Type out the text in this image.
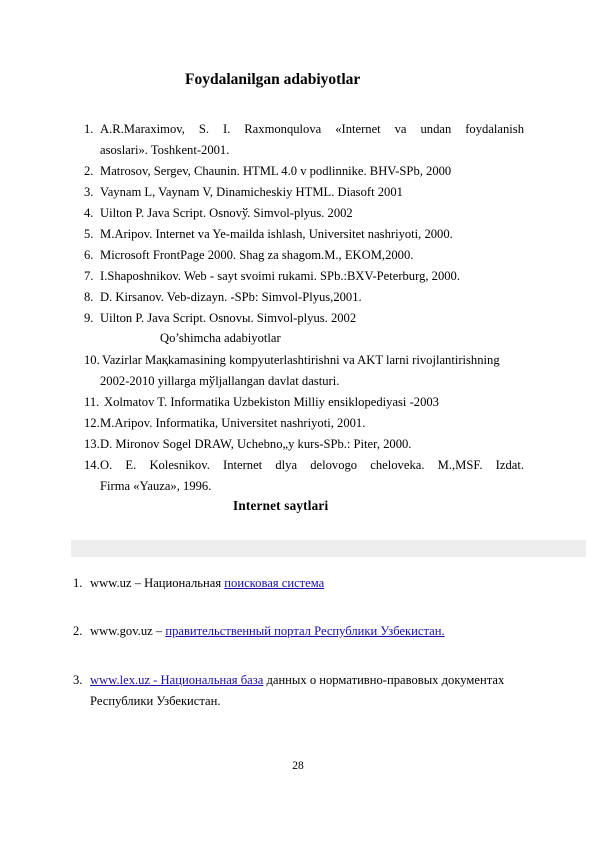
Foydalanilgan adabiyotlar
1. A.R.Maraximov, S. I. Raxmonqulova «Internet va undan foydalanish
asoslari». Toshkent-2001.
2. Matrosov, Sergev, Chaunin. HTML 4.0 v podlinnike. BHV-SPb, 2000
3. Vaynam L, Vaynam V, Dinamicheskiy HTML. Diasoft 2001
4. Uilton P. Java Script. Osnovў. Simvol-plyus. 2002
5. M.Aripov. Internet va Ye-mailda ishlash, Universitet nashriyoti, 2000.
6. Microsoft FrontPage 2000. Shag za shagom.M., EKOM,2000.
7. I.Shaposhnikov. Web - sayt svoimi rukami. SPb.:BXV-Peterburg, 2000.
8. D. Kirsanov. Veb-dizayn. -SPb: Simvol-Plyus,2001.
9. Uilton P. Java Script. Osnovы. Simvol-plyus. 2002
Qo’shimcha adabiyotlar
10. Vazirlar Maқkamasining kompyuterlashtirishni va AKT larni rivojlantirishning
2002-2010 yillarga mўljallangan davlat dasturi.
11. Xolmatov T. Informatika Uzbekiston Milliy ensiklopediyasi -2003
12. M.Aripov. Informatika, Universitet nashriyoti, 2001.
13. D. Mironov Sogel DRAW, Uchebno„y kurs-SPb.: Piter, 2000.
14. O. E. Kolesnikov. Internet dlya delovogo cheloveka. M.,MSF. Izdat.
Firma «Yauza», 1996.
Internet saytlari
1. www.uz – Национальная поисковая система
2. www.gov.uz – правительственный портал Республики Узбекистан.
3. www.lex.uz - Национальная база данных о нормативно-правовых документах
Республики Узбекистан.
28
